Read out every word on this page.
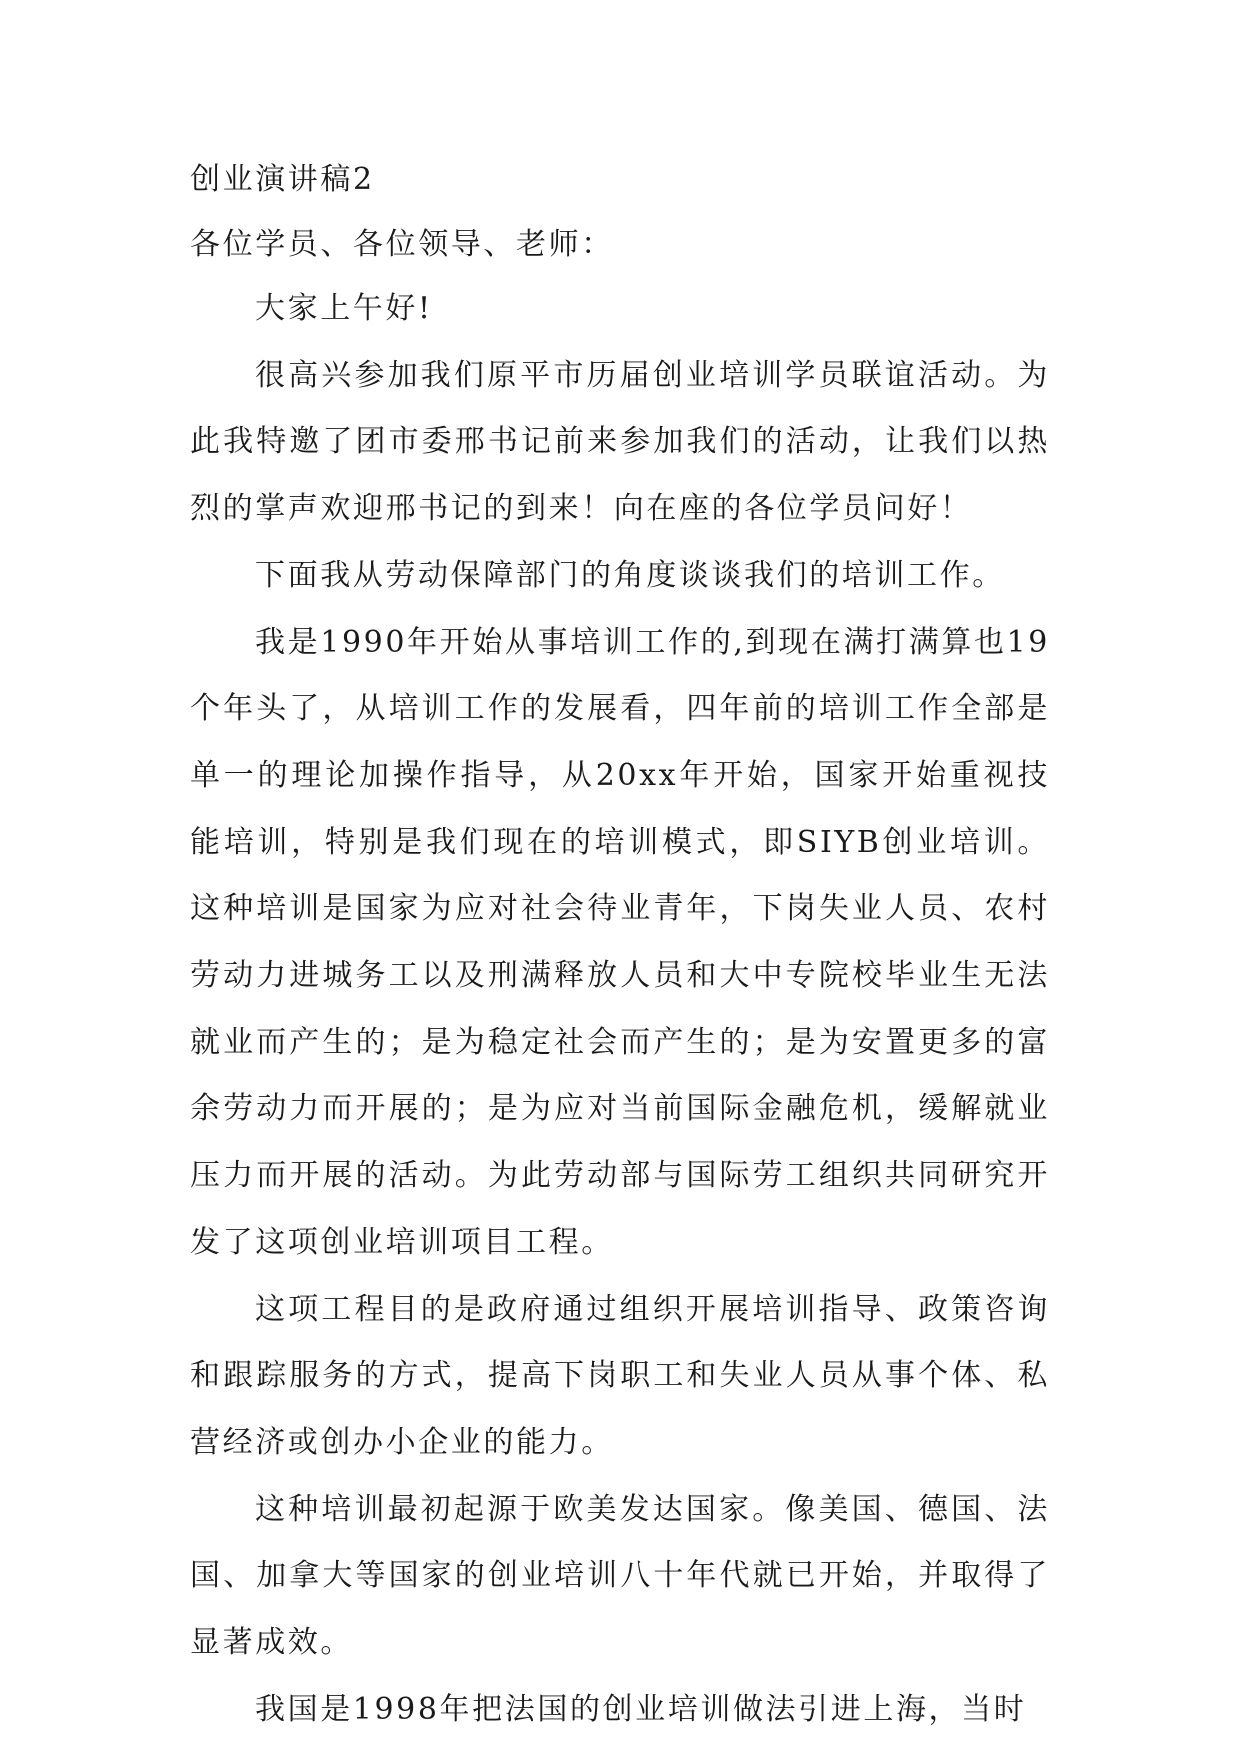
创业演讲稿2

各位学员、各位领导、老师：

大家上午好!

很高兴参加我们原平市历届创业培训学员联谊活动。为此我特邀了团市委邢书记前来参加我们的活动，让我们以热烈的掌声欢迎邢书记的到来！向在座的各位学员问好！

下面我从劳动保障部门的角度谈谈我们的培训工作。

我是1990年开始从事培训工作的,到现在满打满算也19个年头了，从培训工作的发展看，四年前的培训工作全部是单一的理论加操作指导，从20xx年开始，国家开始重视技能培训，特别是我们现在的培训模式，即SIYB创业培训。这种培训是国家为应对社会待业青年，下岗失业人员、农村劳动力进城务工以及刑满释放人员和大中专院校毕业生无法就业而产生的；是为稳定社会而产生的；是为安置更多的富余劳动力而开展的；是为应对当前国际金融危机，缓解就业压力而开展的活动。为此劳动部与国际劳工组织共同研究开发了这项创业培训项目工程。

这项工程目的是政府通过组织开展培训指导、政策咨询和跟踪服务的方式，提高下岗职工和失业人员从事个体、私营经济或创办小企业的能力。

这种培训最初起源于欧美发达国家。像美国、德国、法国、加拿大等国家的创业培训八十年代就已开始，并取得了显著成效。

我国是1998年把法国的创业培训做法引进上海，当时
